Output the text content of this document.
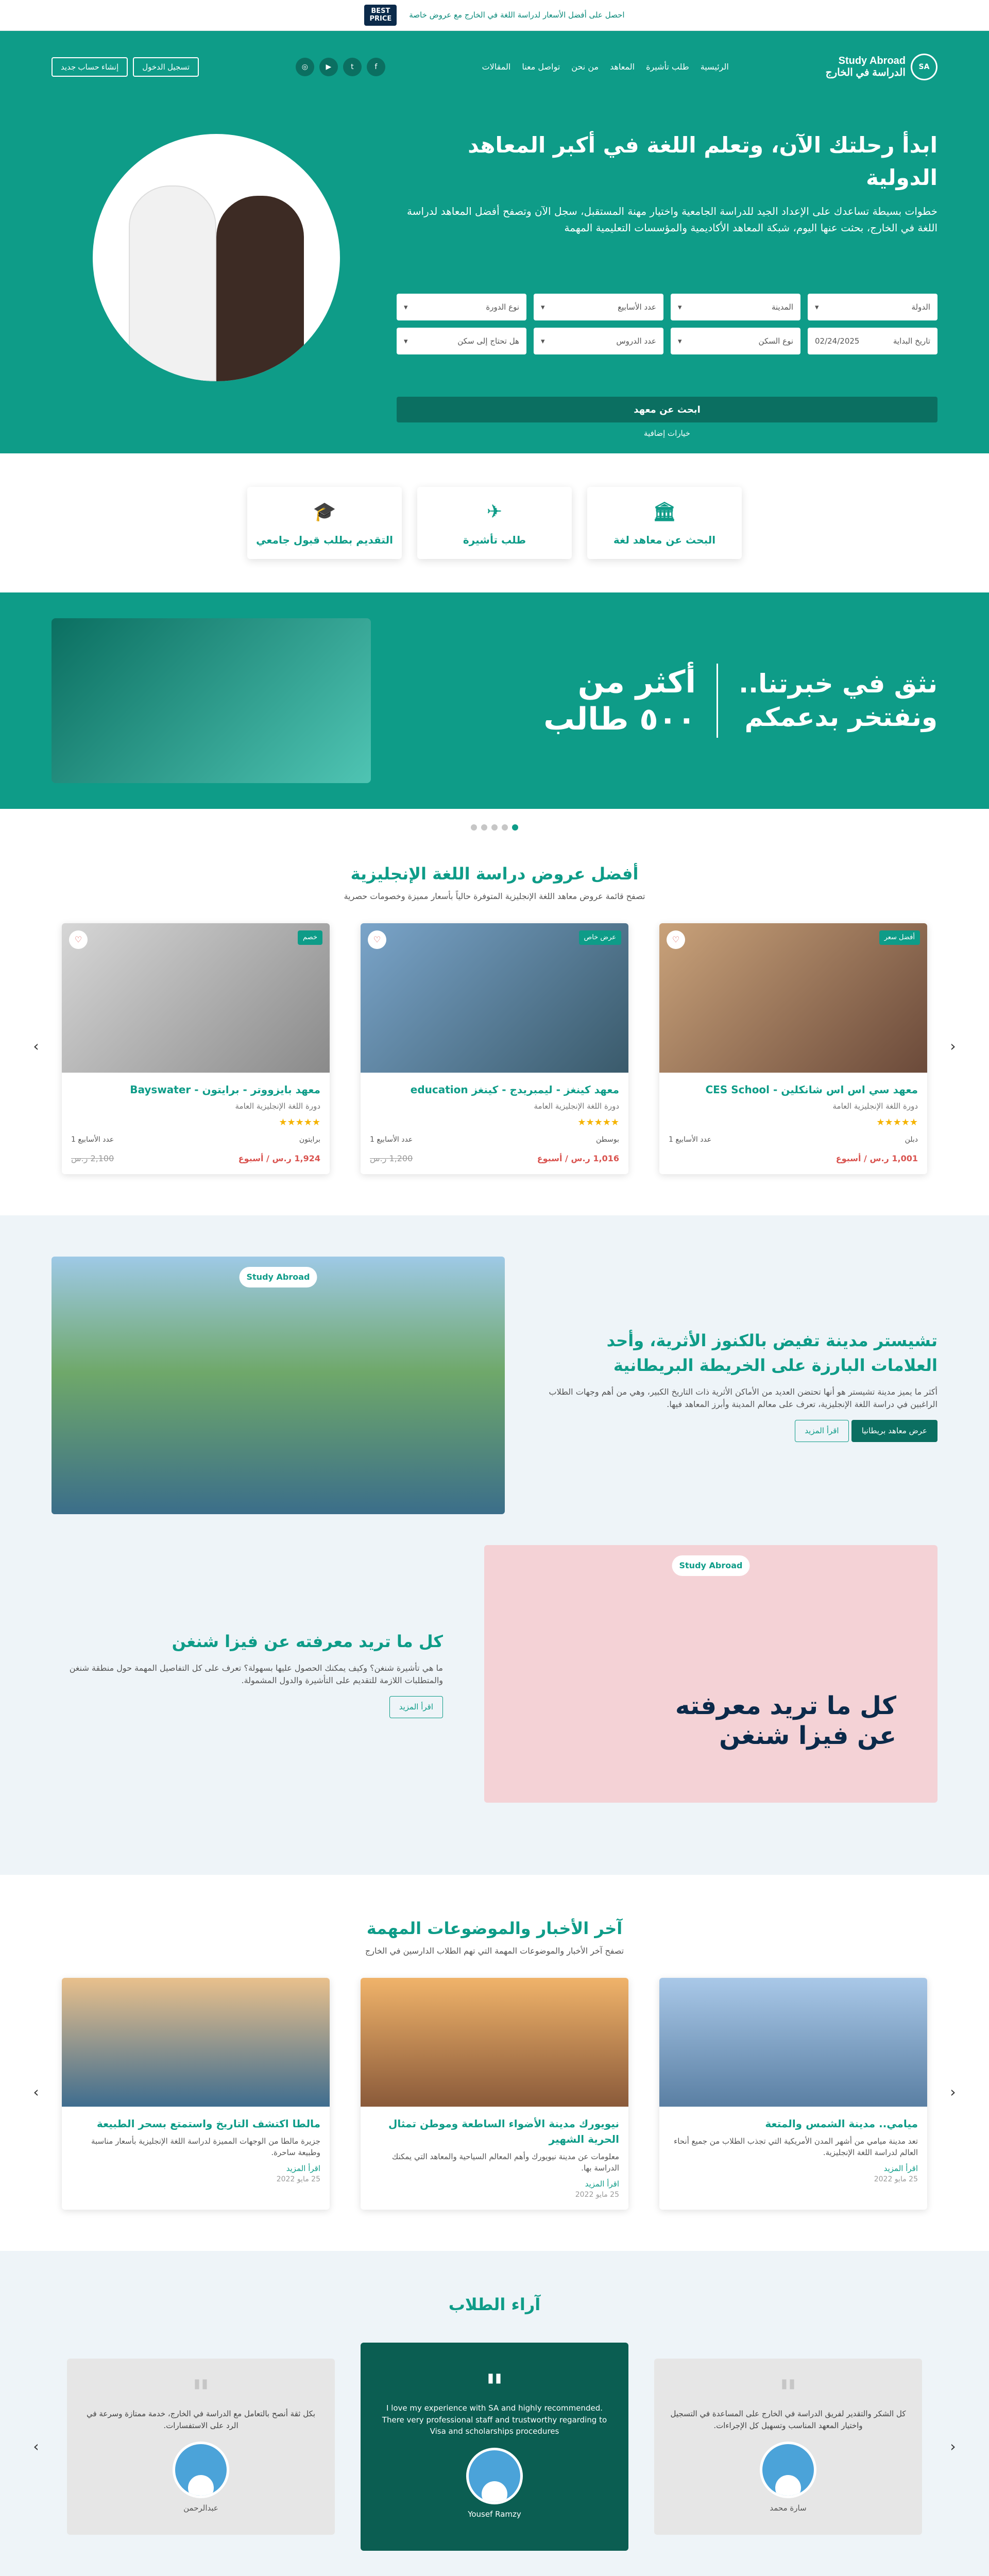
احصل على أفضل الأسعار لدراسة اللغة في الخارج مع عروض خاصة
BEST
PRICE
SA
Study Abroad
الدراسة في الخارج
الرئيسية
طلب تأشيرة
المعاهد
من نحن
تواصل معنا
المقالات
f
t
▶
◎
تسجيل الدخول
إنشاء حساب جديد
ابدأ رحلتك الآن، وتعلم اللغة في أكبر المعاهد الدولية

خطوات بسيطة تساعدك على الإعداد الجيد للدراسة الجامعية واختيار مهنة المستقبل، سجل الآن وتصفح أفضل المعاهد لدراسة اللغة في الخارج، بحثت عنها اليوم، شبكة المعاهد الأكاديمية والمؤسسات التعليمية المهمة

الدولة
▾
المدينة
▾
عدد الأسابيع
▾
نوع الدورة
▾
تاريخ البداية
02/24/2025
نوع السكن
▾
عدد الدروس
▾
هل تحتاج إلى سكن
▾
ابحث عن معهد
خيارات إضافية
🏛
البحث عن معاهد لغة
✈
طلب تأشيرة
🎓
التقديم بطلب قبول جامعي
نثق في خبرتنا..
ونفتخر بدعمكم
أكثر من
٥٠٠ طالب
أفضل عروض دراسة اللغة الإنجليزية

تصفح قائمة عروض معاهد اللغة الإنجليزية المتوفرة حالياً بأسعار مميزة وخصومات حصرية

‹
أفضل سعر
♡
معهد سي اس اس شانكلين - CES School
دورة اللغة الإنجليزية العامة
★★★★★
دبلن
عدد الأسابيع 1
1,001 ر.س / أسبوع
عرض خاص
♡
معهد كينغز - ليمبريدج - كينغز education
دورة اللغة الإنجليزية العامة
★★★★★
بوسطن
عدد الأسابيع 1
1,016 ر.س / أسبوع
1,200 ر.س
خصم
♡
معهد بايزووتر - برايتون - Bayswater
دورة اللغة الإنجليزية العامة
★★★★★
برايتون
عدد الأسابيع 1
1,924 ر.س / أسبوع
2,100 ر.س
›
تشيستر مدينة تفيض بالكنوز الأثرية، وأحد العلامات البارزة على الخريطة البريطانية

أكثر ما يميز مدينة تشيستر هو أنها تحتضن العديد من الأماكن الأثرية ذات التاريخ الكبير، وهي من أهم وجهات الطلاب الراغبين في دراسة اللغة الإنجليزية، تعرف على معالم المدينة وأبرز المعاهد فيها.

عرض معاهد بريطانيا اقرأ المزيد
Study Abroad
Study Abroad
كل ما تريد معرفته
عن فيزا شنغن
كل ما تريد معرفته عن فيزا شنغن

ما هي تأشيرة شنغن؟ وكيف يمكنك الحصول عليها بسهولة؟ تعرف على كل التفاصيل المهمة حول منطقة شنغن والمتطلبات اللازمة للتقديم على التأشيرة والدول المشمولة.

اقرأ المزيد
آخر الأخبار والموضوعات المهمة

تصفح آخر الأخبار والموضوعات المهمة التي تهم الطلاب الدارسين في الخارج

‹
ميامي.. مدينة الشمس والمتعة

تعد مدينة ميامي من أشهر المدن الأمريكية التي تجذب الطلاب من جميع أنحاء العالم لدراسة اللغة الإنجليزية.

اقرأ المزيد
25 مايو 2022
نيويورك مدينة الأضواء الساطعة وموطن تمثال الحرية الشهير

معلومات عن مدينة نيويورك وأهم المعالم السياحية والمعاهد التي يمكنك الدراسة بها.

اقرأ المزيد
25 مايو 2022
مالطا اكتشف التاريخ واستمتع بسحر الطبيعة

جزيرة مالطا من الوجهات المميزة لدراسة اللغة الإنجليزية بأسعار مناسبة وطبيعة ساحرة.

اقرأ المزيد
25 مايو 2022
›
آراء الطلاب
‹
"

كل الشكر والتقدير لفريق الدراسة في الخارج على المساعدة في التسجيل واختيار المعهد المناسب وتسهيل كل الإجراءات.

سارة محمد
"

I love my experience with SA and highly recommended. There very professional staff and trustworthy regarding to Visa and scholarships procedures

Yousef Ramzy
"

بكل ثقة أنصح بالتعامل مع الدراسة في الخارج، خدمة ممتازة وسرعة في الرد على الاستفسارات.

عبدالرحمن
›
